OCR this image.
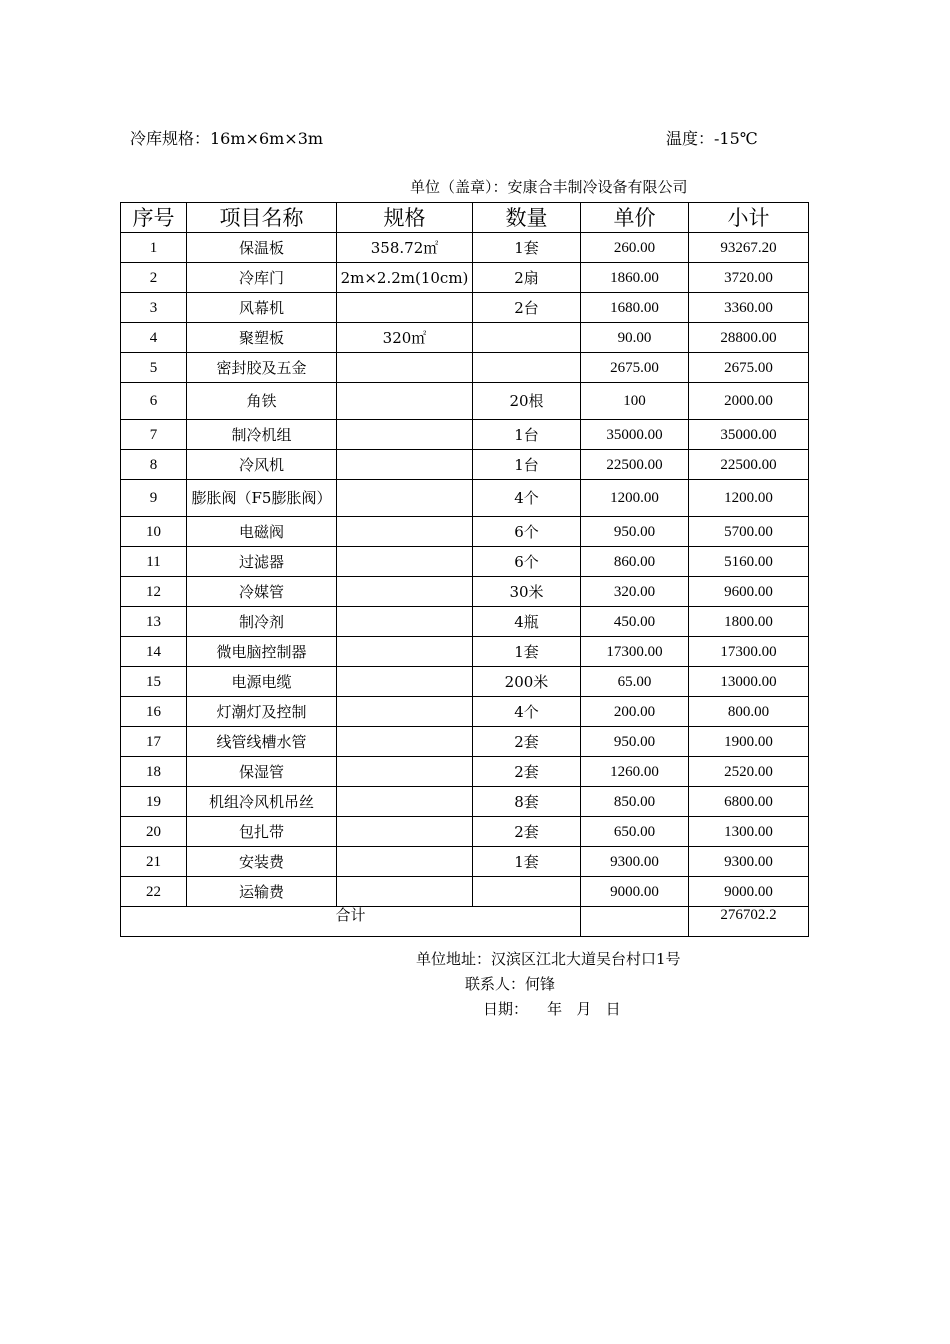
冷库规格：16m×6m×3m	温度：-15℃
单位（盖章）：安康合丰制冷设备有限公司
序号	项目名称	规格	数量	单价	小计
1	保温板	358.72㎡	1套	260.00	93267.20
2	冷库门	2m×2.2m(10cm)	2扇	1860.00	3720.00
3	风幕机		2台	1680.00	3360.00
4	聚塑板	320㎡		90.00	28800.00
5	密封胶及五金			2675.00	2675.00
6	角铁		20根	100	2000.00
7	制冷机组		1台	35000.00	35000.00
8	冷风机		1台	22500.00	22500.00
9	膨胀阀（F5膨胀阀）		4个	1200.00	1200.00
10	电磁阀		6个	950.00	5700.00
11	过滤器		6个	860.00	5160.00
12	冷媒管		30米	320.00	9600.00
13	制冷剂		4瓶	450.00	1800.00
14	微电脑控制器		1套	17300.00	17300.00
15	电源电缆		200米	65.00	13000.00
16	灯潮灯及控制		4个	200.00	800.00
17	线管线槽水管		2套	950.00	1900.00
18	保湿管		2套	1260.00	2520.00
19	机组冷风机吊丝		8套	850.00	6800.00
20	包扎带		2套	650.00	1300.00
21	安装费		1套	9300.00	9300.00
22	运输费			9000.00	9000.00
合计					276702.2
单位地址：汉滨区江北大道吴台村口1号
联系人：何锋
日期：    年   月   日
